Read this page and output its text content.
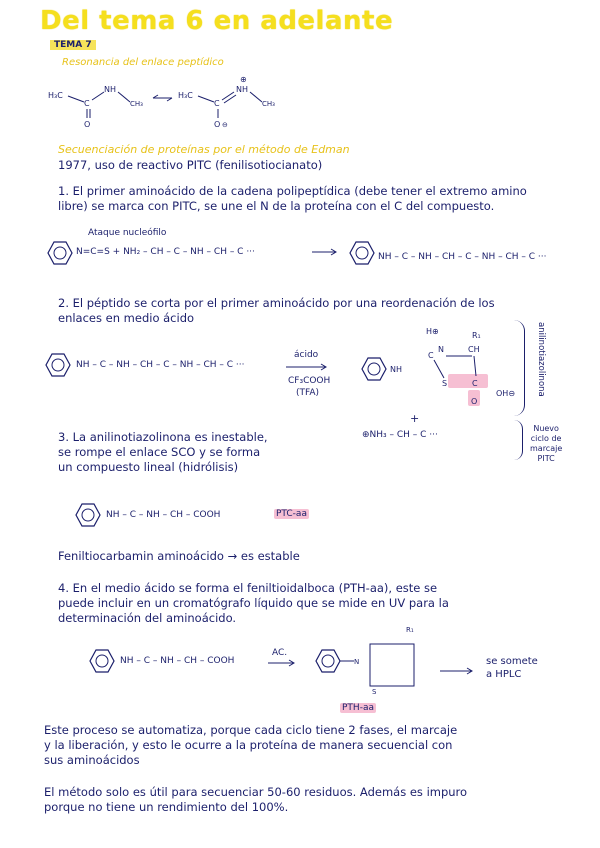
Del tema 6 en adelante
TEMA 7
Resonancia del enlace peptídico
H₃C
C
NH
CH₃
O
H₃C
C
NH
⊕
CH₃
O ⊖
Secuenciación de proteínas por el método de Edman
1977, uso de reactivo PITC (fenilisotiocianato)
1. El primer aminoácido de la cadena polipeptídica (debe tener el extremo amino
libre) se marca con PITC, se une el N de la proteína con el C del compuesto.
Ataque nucleófilo
N=C=S + NH₂ – CH – C – NH – CH – C ···	NH – C – NH – CH – C – NH – CH – C ···
2. El péptido se corta por el primer aminoácido por una reordenación de los
enlaces en medio ácido
NH – C – NH – CH – C – NH – CH – C ···
ácido
CF₃COOH
(TFA)
NH
C
H⊕
N	CH
R₁
S	C
O
OH⊖
+
⊕NH₃ – CH – C ···
anilinotiazolinona
Nuevo
ciclo de
marcaje
PITC
3. La anilinotiazolinona es inestable,
se rompe el enlace SCO y se forma
un compuesto lineal (hidrólisis)
NH – C – NH – CH – COOH	PTC-aa
Feniltiocarbamin aminoácido → es estable
4. En el medio ácido se forma el feniltioidalboca (PTH-aa), este se
puede incluir en un cromatógrafo líquido que se mide en UV para la
determinación del aminoácido.
NH – C – NH – CH – COOH
AC.
N
R₁
S
PTH-aa
se somete
a HPLC
Este proceso se automatiza, porque cada ciclo tiene 2 fases, el marcaje
y la liberación, y esto le ocurre a la proteína de manera secuencial con
sus aminoácidos
El método solo es útil para secuenciar 50-60 residuos. Además es impuro
porque no tiene un rendimiento del 100%.
